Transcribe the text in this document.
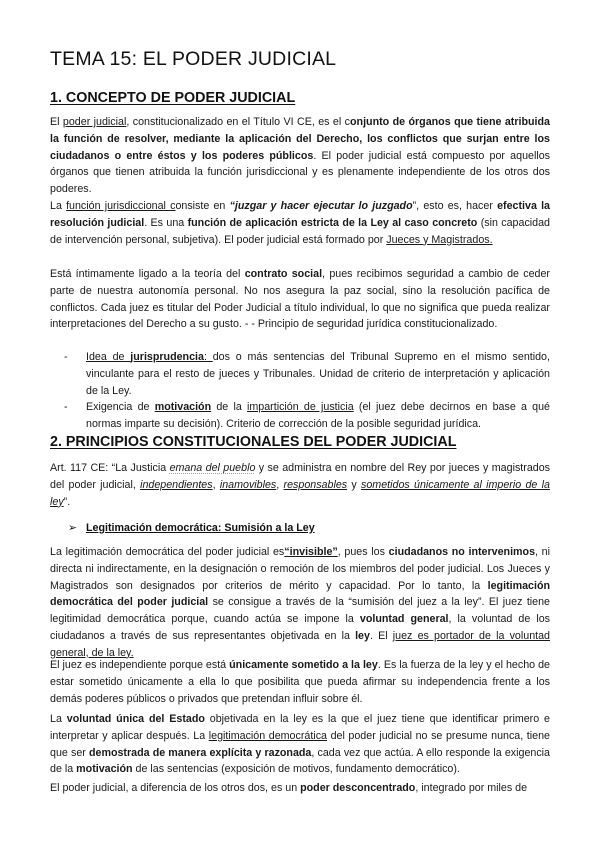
TEMA 15: EL PODER JUDICIAL
1. CONCEPTO DE PODER JUDICIAL

El poder judicial, constitucionalizado en el Título VI CE, es el conjunto de órganos que tiene atribuida la función de resolver, mediante la aplicación del Derecho, los conflictos que surjan entre los ciudadanos o entre éstos y los poderes públicos. El poder judicial está compuesto por aquellos órganos que tienen atribuida la función jurisdiccional y es plenamente independiente de los otros dos poderes.

La función jurisdiccional consiste en “juzgar y hacer ejecutar lo juzgado”, esto es, hacer efectiva la resolución judicial. Es una función de aplicación estricta de la Ley al caso concreto (sin capacidad de intervención personal, subjetiva). El poder judicial está formado por Jueces y Magistrados.

Está íntimamente ligado a la teoría del contrato social, pues recibimos seguridad a cambio de ceder parte de nuestra autonomía personal. No nos asegura la paz social, sino la resolución pacífica de conflictos. Cada juez es titular del Poder Judicial a título individual, lo que no significa que pueda realizar interpretaciones del Derecho a su gusto. - - Principio de seguridad jurídica constitucionalizado.

- Idea de jurisprudencia: dos o más sentencias del Tribunal Supremo en el mismo sentido, vinculante para el resto de jueces y Tribunales. Unidad de criterio de interpretación y aplicación de la Ley.
- Exigencia de motivación de la impartición de justicia (el juez debe decirnos en base a qué normas imparte su decisión). Criterio de corrección de la posible seguridad jurídica.
2. PRINCIPIOS CONSTITUCIONALES DEL PODER JUDICIAL

Art. 117 CE: “La Justicia emana del pueblo y se administra en nombre del Rey por jueces y magistrados del poder judicial, independientes, inamovibles, responsables y sometidos únicamente al imperio de la ley”.

➢ Legitimación democrática: Sumisión a la Ley

La legitimación democrática del poder judicial es“invisible”, pues los ciudadanos no intervenimos, ni directa ni indirectamente, en la designación o remoción de los miembros del poder judicial. Los Jueces y Magistrados son designados por criterios de mérito y capacidad. Por lo tanto, la legitimación democrática del poder judicial se consigue a través de la “sumisión del juez a la ley”. El juez tiene legitimidad democrática porque, cuando actúa se impone la voluntad general, la voluntad de los ciudadanos a través de sus representantes objetivada en la ley. El juez es portador de la voluntad general, de la ley.

El juez es independiente porque está únicamente sometido a la ley. Es la fuerza de la ley y el hecho de estar sometido únicamente a ella lo que posibilita que pueda afirmar su independencia frente a los demás poderes públicos o privados que pretendan influir sobre él.

La voluntad única del Estado objetivada en la ley es la que el juez tiene que identificar primero e interpretar y aplicar después. La legitimación democrática del poder judicial no se presume nunca, tiene que ser demostrada de manera explícita y razonada, cada vez que actúa. A ello responde la exigencia de la motivación de las sentencias (exposición de motivos, fundamento democrático).

El poder judicial, a diferencia de los otros dos, es un poder desconcentrado, integrado por miles de
